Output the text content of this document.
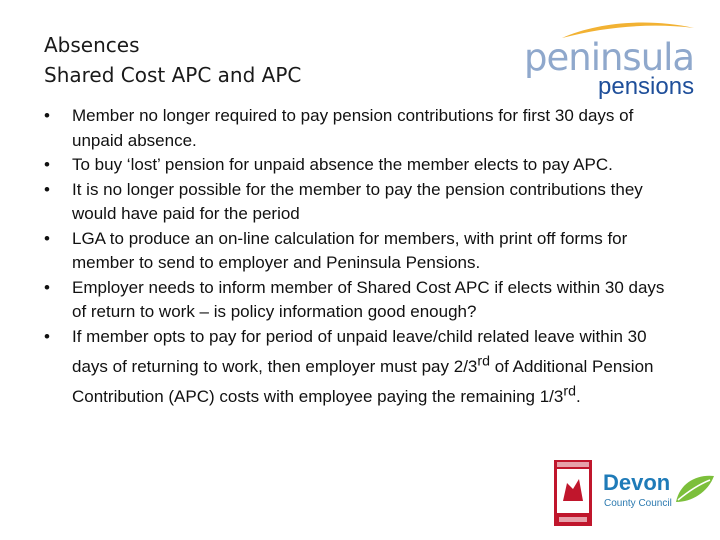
Absences
Shared Cost APC and APC	peninsula
pensions
• Member no longer required to pay pension contributions for first 30 days of unpaid absence.
• To buy ‘lost’ pension for unpaid absence the member elects to pay APC.
• It is no longer possible for the member to pay the pension contributions they would have paid for the period
• LGA to produce an on-line calculation for members, with print off forms for member to send to employer and Peninsula Pensions.
• Employer needs to inform member of Shared Cost APC if elects within 30 days of return to work – is policy information good enough?
• If member opts to pay for period of unpaid leave/child related leave within 30 days of returning to work, then employer must pay 2/3rd of Additional Pension Contribution (APC) costs with employee paying the remaining 1/3rd.
Devon
County Council
